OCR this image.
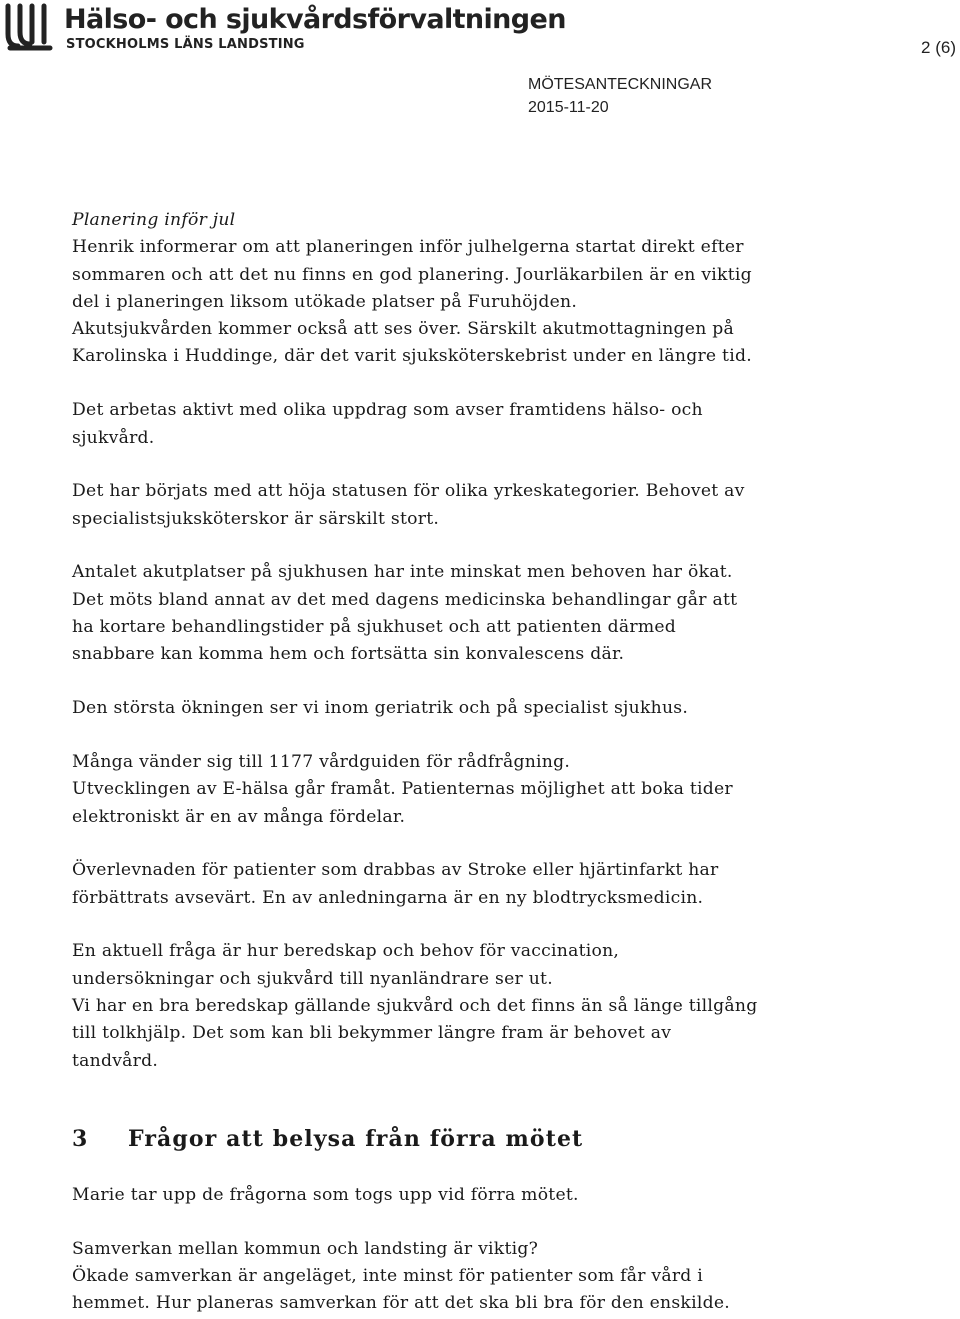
Hälso- och sjukvårdsförvaltningen
STOCKHOLMS LÄNS LANDSTING	2 (6)
MÖTESANTECKNINGAR
2015-11-20

Planering inför jul

Henrik informerar om att planeringen inför julhelgerna startat direkt efter

sommaren och att det nu finns en god planering. Jourläkarbilen är en viktig

del i planeringen liksom utökade platser på Furuhöjden.

Akutsjukvården kommer också att ses över. Särskilt akutmottagningen på

Karolinska i Huddinge, där det varit sjuksköterskebrist under en längre tid.

Det arbetas aktivt med olika uppdrag som avser framtidens hälso- och

sjukvård.

Det har börjats med att höja statusen för olika yrkeskategorier. Behovet av

specialistsjuksköterskor är särskilt stort.

Antalet akutplatser på sjukhusen har inte minskat men behoven har ökat.

Det möts bland annat av det med dagens medicinska behandlingar går att

ha kortare behandlingstider på sjukhuset och att patienten därmed

snabbare kan komma hem och fortsätta sin konvalescens där.

Den största ökningen ser vi inom geriatrik och på specialist sjukhus.

Många vänder sig till 1177 vårdguiden för rådfrågning.

Utvecklingen av E-hälsa går framåt. Patienternas möjlighet att boka tider

elektroniskt är en av många fördelar.

Överlevnaden för patienter som drabbas av Stroke eller hjärtinfarkt har

förbättrats avsevärt. En av anledningarna är en ny blodtrycksmedicin.

En aktuell fråga är hur beredskap och behov för vaccination,

undersökningar och sjukvård till nyanländrare ser ut.

Vi har en bra beredskap gällande sjukvård och det finns än så länge tillgång

till tolkhjälp. Det som kan bli bekymmer längre fram är behovet av

tandvård.

3 Frågor att belysa från förra mötet

Marie tar upp de frågorna som togs upp vid förra mötet.

Samverkan mellan kommun och landsting är viktig?

Ökade samverkan är angeläget, inte minst för patienter som får vård i

hemmet. Hur planeras samverkan för att det ska bli bra för den enskilde.
